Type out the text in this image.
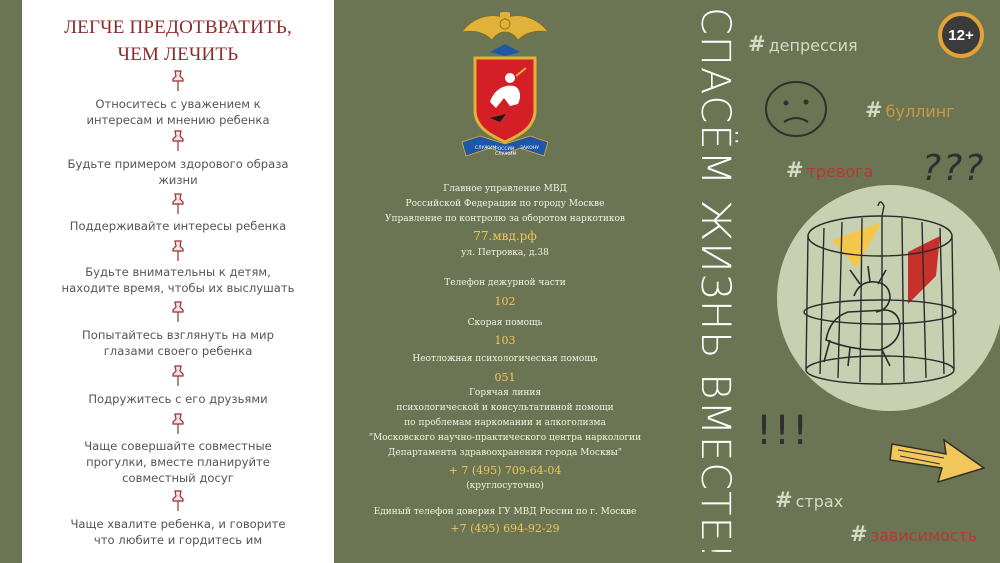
ЛЕГЧЕ ПРЕДОТВРАТИТЬ,
ЧЕМ ЛЕЧИТЬ
Относитесь с уважением к
интересам и мнению ребенка
Будьте примером здорового образа
жизни
Поддерживайте интересы ребенка
Будьте внимательны к детям,
находите время, чтобы их выслушать
Попытайтесь взглянуть на мир
глазами своего ребенка
Подружитесь с его друзьями
Чаще совершайте совместные
прогулки, вместе планируйте
совместный досуг
Чаще хвалите ребенка, и говорите
что любите и гордитесь им
СЛУЖИМ
РОССИИ
СЛУЖИМ
ЗАКОНУ
Главное управление МВД
Российской Федерации по городу Москве
Управление по контролю за оборотом наркотиков
77.мвд.рф
ул. Петровка, д.38
Телефон дежурной части
102
Скорая помощь
103
Неотложная психологическая помощь
051
Горячая линия
психологической и консультативной помощи
по проблемам наркомании и алкоголизма
"Московского научно-практического центра наркологии
Департамента здравоохранения города Москвы"
+ 7 (495) 709-64-04
(круглосуточно)
Единый телефон доверия ГУ МВД России по г. Москве
+7 (495) 694-92-29	СПАСЁМ ЖИЗНЬ ВМЕСТЕ!	12+
# депрессия
# буллинг
# тревога
# страх
# зависимость
???
!!!
